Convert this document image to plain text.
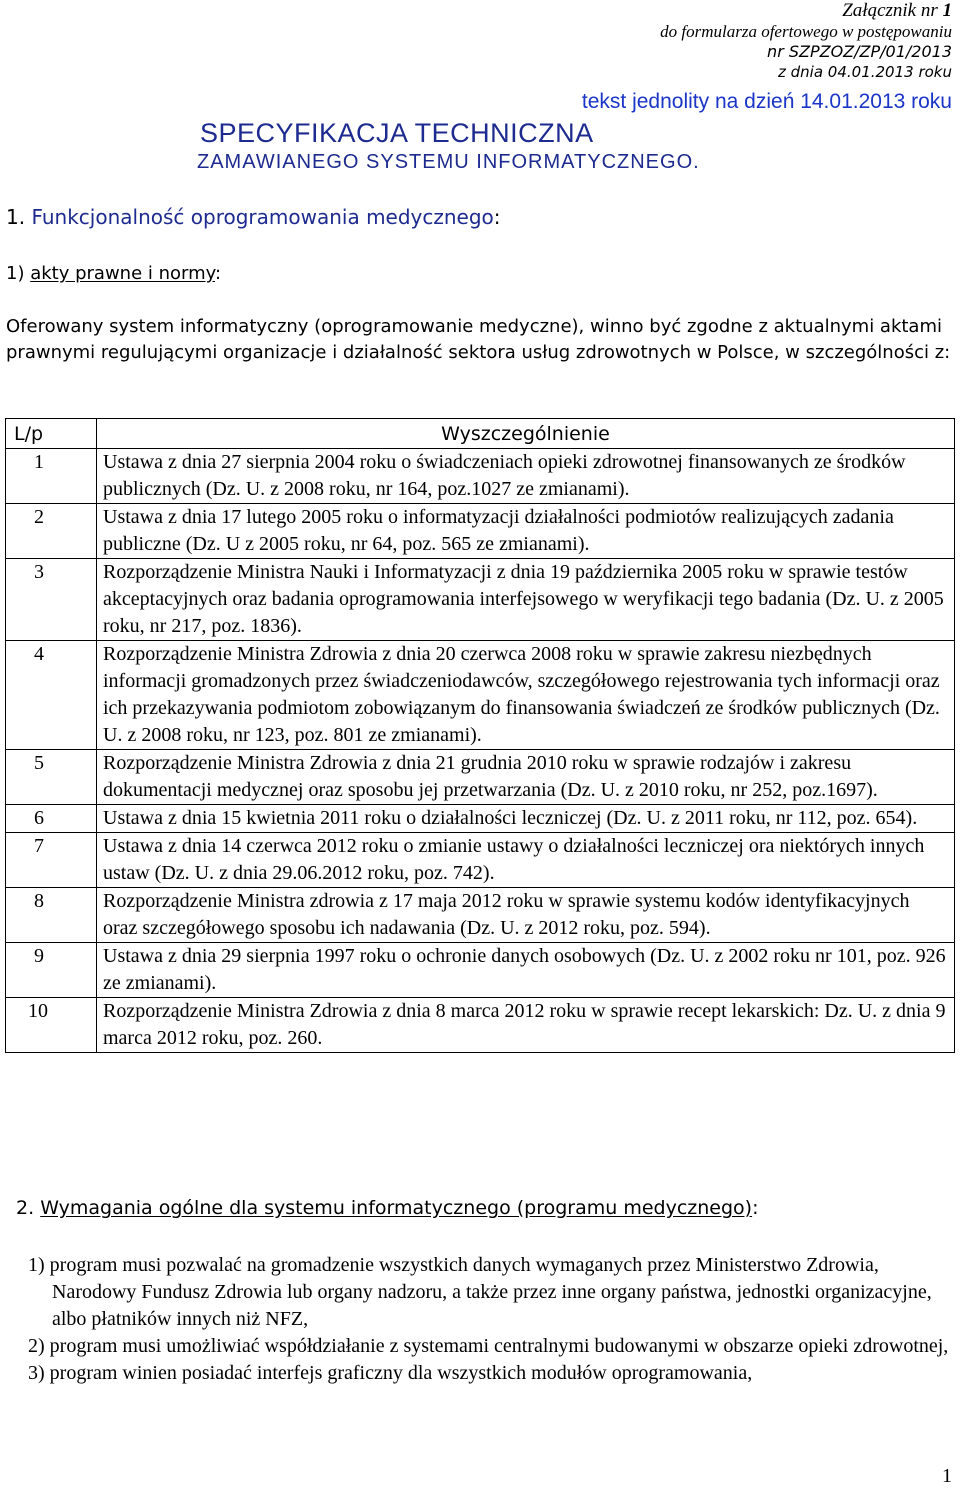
Załącznik nr 1
do formularza ofertowego w postępowaniu
nr SZPZOZ/ZP/01/2013
z dnia 04.01.2013 roku
tekst jednolity na dzień 14.01.2013 roku
SPECYFIKACJA TECHNICZNA
ZAMAWIANEGO SYSTEMU INFORMATYCZNEGO.
1. Funkcjonalność oprogramowania medycznego:
1) akty prawne i normy:
Oferowany system informatyczny (oprogramowanie medyczne), winno być zgodne z aktualnymi aktami prawnymi regulującymi organizacje i działalność sektora usług zdrowotnych w Polsce, w szczególności z:
L/p	Wyszczególnienie
1	Ustawa z dnia 27 sierpnia 2004 roku o świadczeniach opieki zdrowotnej finansowanych ze środków publicznych (Dz. U. z 2008 roku, nr 164, poz.1027 ze zmianami).
2	Ustawa z dnia 17 lutego 2005 roku o informatyzacji działalności podmiotów realizujących zadania publiczne (Dz. U z 2005 roku, nr 64, poz. 565 ze zmianami).
3	Rozporządzenie Ministra Nauki i Informatyzacji z dnia 19 października 2005 roku w sprawie testów akceptacyjnych oraz badania oprogramowania interfejsowego w weryfikacji tego badania (Dz. U. z 2005 roku, nr 217, poz. 1836).
4	Rozporządzenie Ministra Zdrowia z dnia 20 czerwca 2008 roku w sprawie zakresu niezbędnych informacji gromadzonych przez świadczeniodawców, szczegółowego rejestrowania tych informacji oraz ich przekazywania podmiotom zobowiązanym do finansowania świadczeń ze środków publicznych (Dz. U. z 2008 roku, nr 123, poz. 801 ze zmianami).
5	Rozporządzenie Ministra Zdrowia z dnia 21 grudnia 2010 roku w sprawie rodzajów i zakresu dokumentacji medycznej oraz sposobu jej przetwarzania (Dz. U. z 2010 roku, nr 252, poz.1697).
6	Ustawa z dnia 15 kwietnia 2011 roku o działalności leczniczej (Dz. U. z 2011 roku, nr 112, poz. 654).
7	Ustawa z dnia 14 czerwca 2012 roku o zmianie ustawy o działalności leczniczej ora niektórych innych ustaw (Dz. U. z dnia 29.06.2012 roku, poz. 742).
8	Rozporządzenie Ministra zdrowia z 17 maja 2012 roku w sprawie systemu kodów identyfikacyjnych oraz szczegółowego sposobu ich nadawania (Dz. U. z 2012 roku, poz. 594).
9	Ustawa z dnia 29 sierpnia 1997 roku o ochronie danych osobowych (Dz. U. z 2002 roku nr 101, poz. 926 ze zmianami).
10	Rozporządzenie Ministra Zdrowia z dnia 8 marca 2012 roku w sprawie recept lekarskich: Dz. U. z dnia 9 marca 2012 roku, poz. 260.
2. Wymagania ogólne dla systemu informatycznego (programu medycznego):
1) program musi pozwalać na gromadzenie wszystkich danych wymaganych przez Ministerstwo Zdrowia, Narodowy Fundusz Zdrowia lub organy nadzoru, a także przez inne organy państwa, jednostki organizacyjne, albo płatników innych niż NFZ,
2) program musi umożliwiać współdziałanie z systemami centralnymi budowanymi w obszarze opieki zdrowotnej,
3) program winien posiadać interfejs graficzny dla wszystkich modułów oprogramowania,
1
